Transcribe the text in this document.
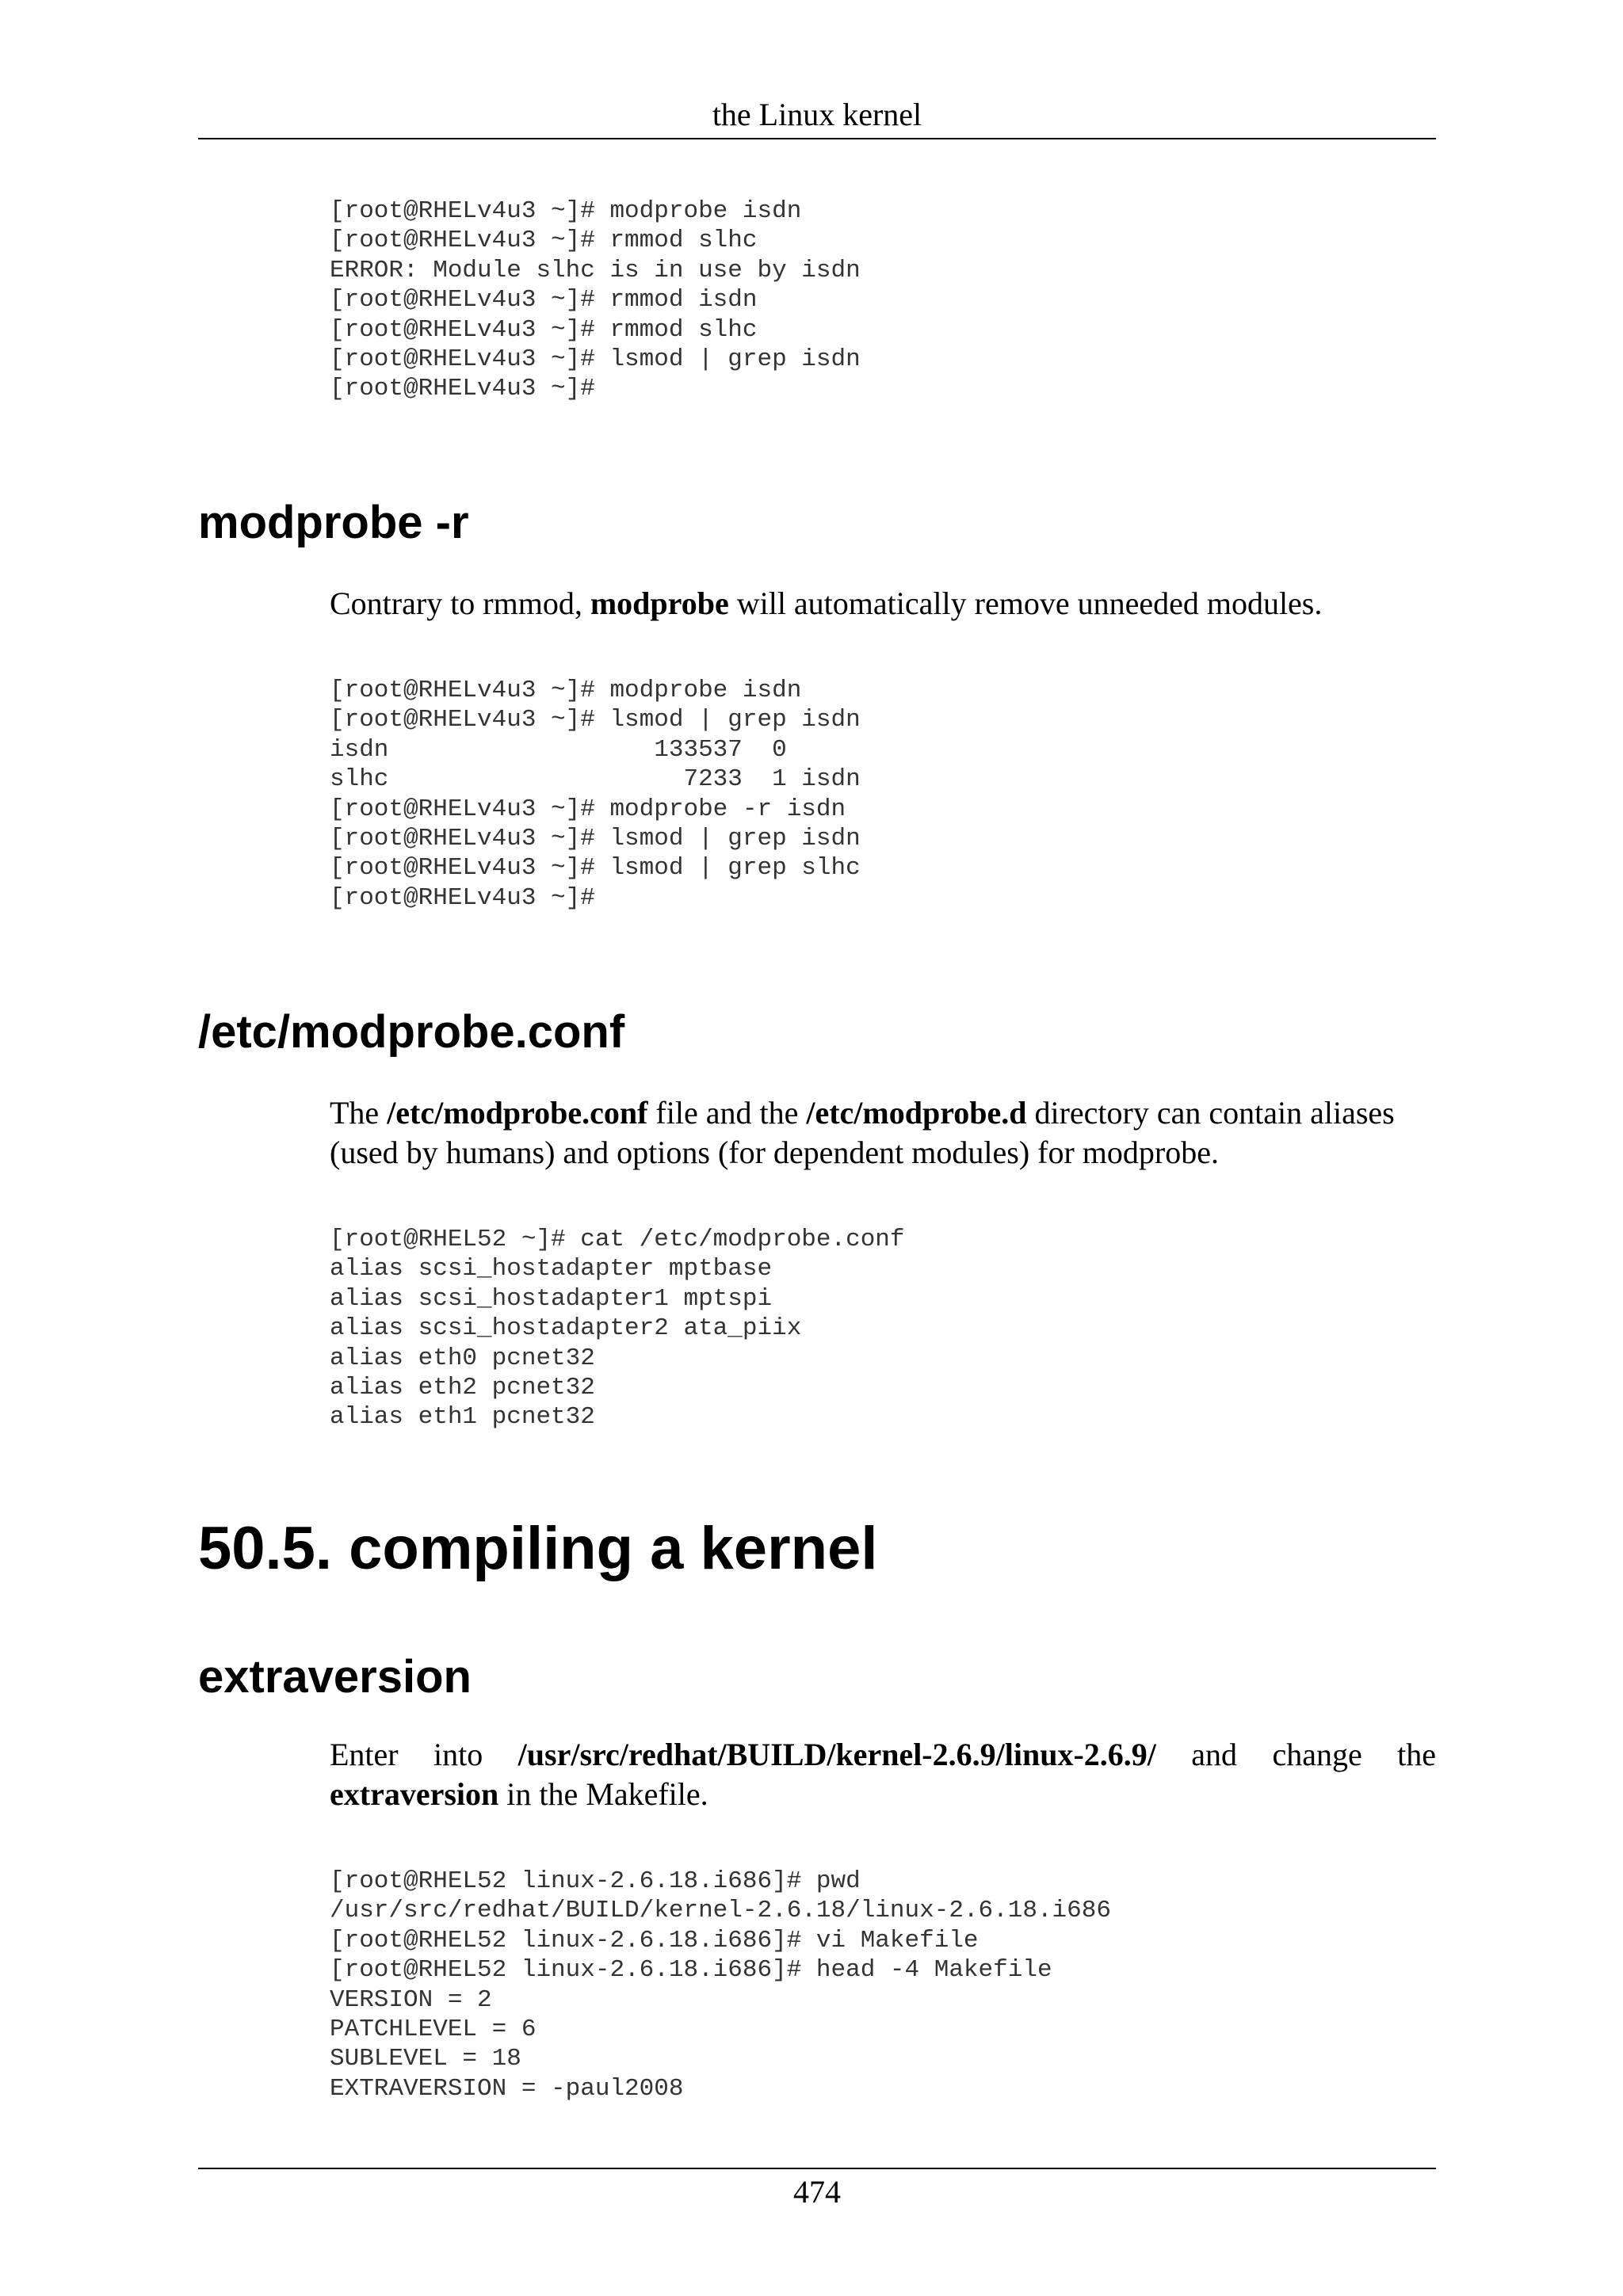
the Linux kernel
[root@RHELv4u3 ~]# modprobe isdn
[root@RHELv4u3 ~]# rmmod slhc
ERROR: Module slhc is in use by isdn
[root@RHELv4u3 ~]# rmmod isdn
[root@RHELv4u3 ~]# rmmod slhc
[root@RHELv4u3 ~]# lsmod | grep isdn
[root@RHELv4u3 ~]#
modprobe -r

Contrary to rmmod, modprobe will automatically remove unneeded modules.

[root@RHELv4u3 ~]# modprobe isdn
[root@RHELv4u3 ~]# lsmod | grep isdn
isdn                  133537  0
slhc                    7233  1 isdn
[root@RHELv4u3 ~]# modprobe -r isdn
[root@RHELv4u3 ~]# lsmod | grep isdn
[root@RHELv4u3 ~]# lsmod | grep slhc
[root@RHELv4u3 ~]#
/etc/modprobe.conf

The /etc/modprobe.conf file and the /etc/modprobe.d directory can contain aliases (used by humans) and options (for dependent modules) for modprobe.

[root@RHEL52 ~]# cat /etc/modprobe.conf
alias scsi_hostadapter mptbase
alias scsi_hostadapter1 mptspi
alias scsi_hostadapter2 ata_piix
alias eth0 pcnet32
alias eth2 pcnet32
alias eth1 pcnet32
50.5. compiling a kernel
extraversion

Enter into /usr/src/redhat/BUILD/kernel-2.6.9/linux-2.6.9/ and change the extraversion in the Makefile.

[root@RHEL52 linux-2.6.18.i686]# pwd
/usr/src/redhat/BUILD/kernel-2.6.18/linux-2.6.18.i686
[root@RHEL52 linux-2.6.18.i686]# vi Makefile
[root@RHEL52 linux-2.6.18.i686]# head -4 Makefile
VERSION = 2
PATCHLEVEL = 6
SUBLEVEL = 18
EXTRAVERSION = -paul2008
474
